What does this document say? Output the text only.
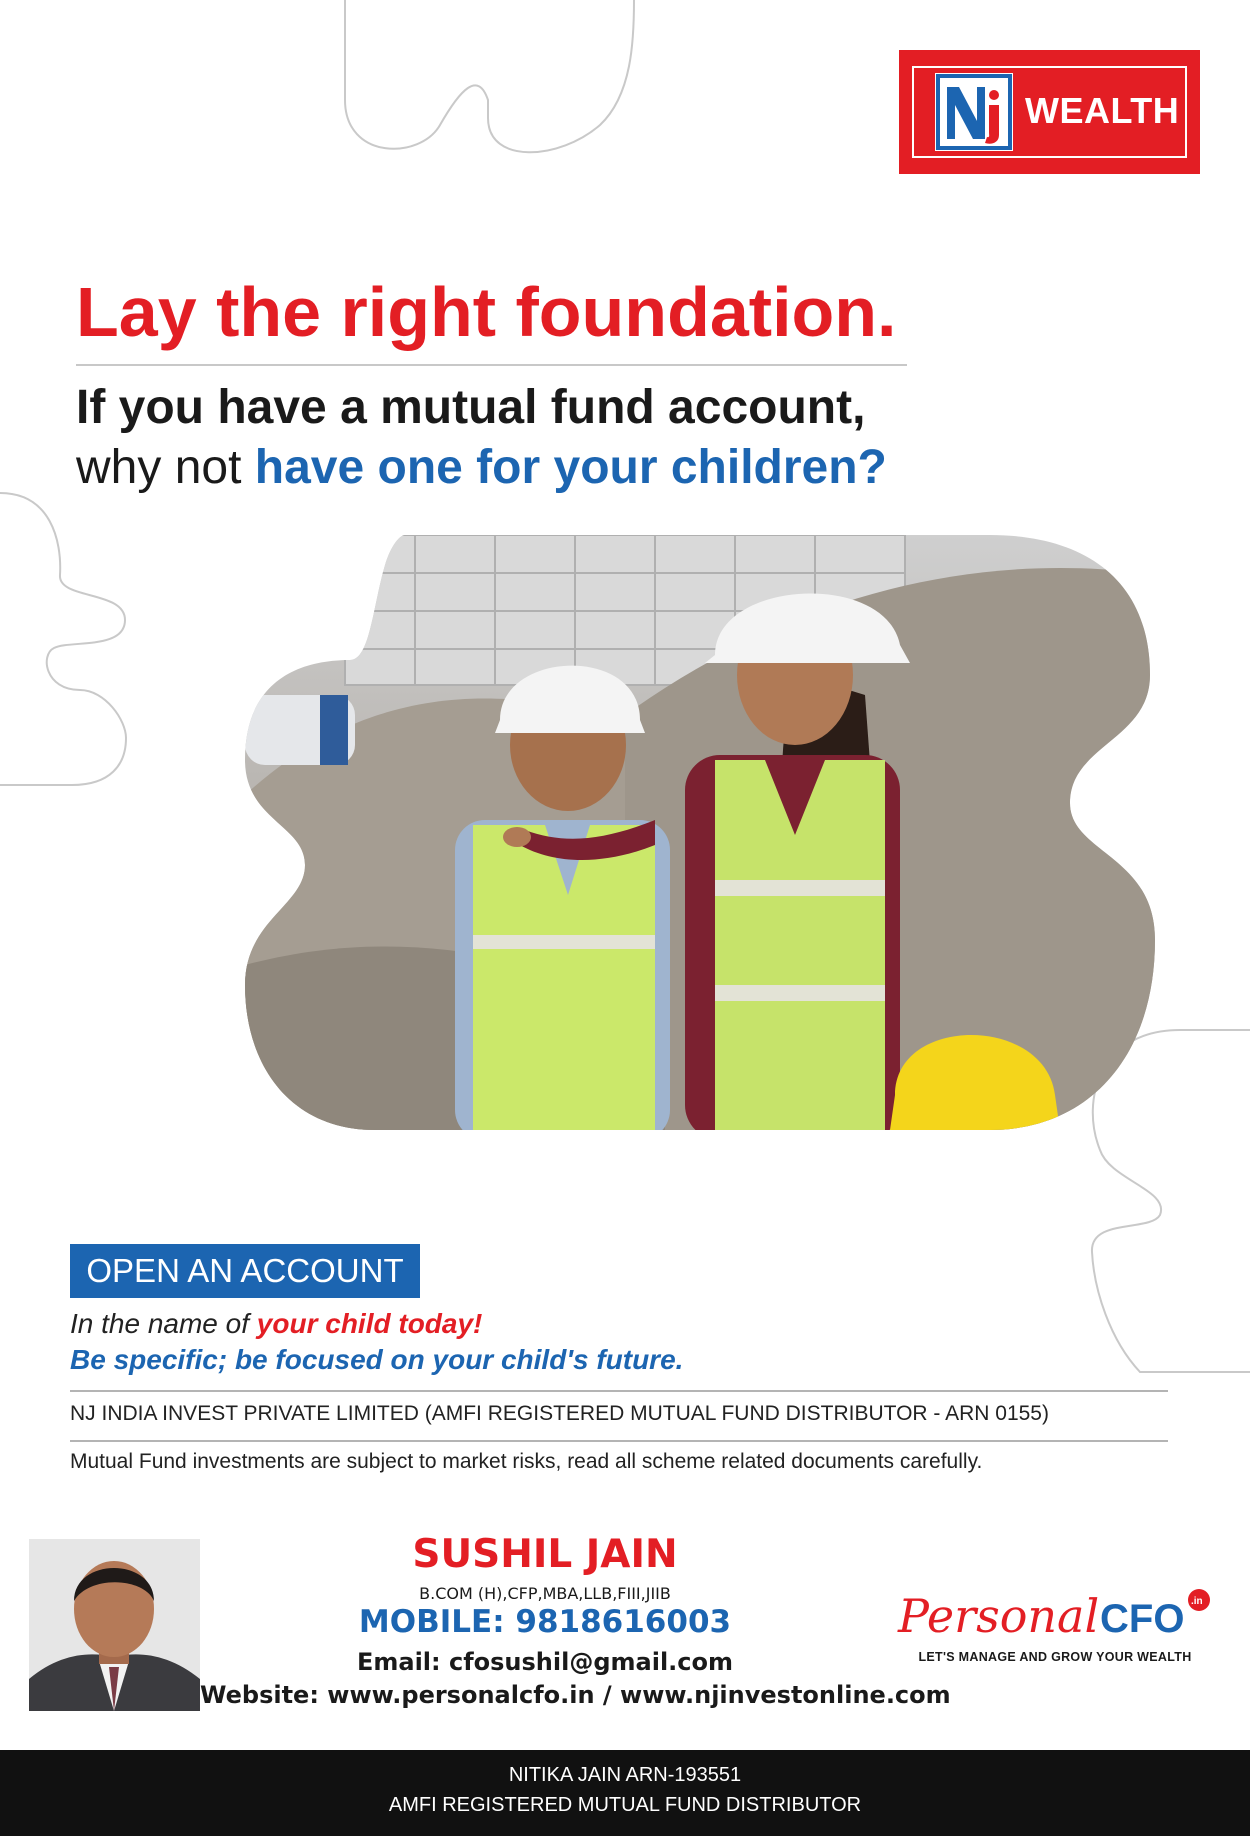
WEALTH
Lay the right foundation.
If you have a mutual fund account,
why not have one for your children?
OPEN AN ACCOUNT
In the name of your child today!
Be specific; be focused on your child's future.
NJ INDIA INVEST PRIVATE LIMITED (AMFI REGISTERED MUTUAL FUND DISTRIBUTOR - ARN 0155)
Mutual Fund investments are subject to market risks, read all scheme related documents carefully.
SUSHIL JAIN
B.COM (H),CFP,MBA,LLB,FIII,JIIB
MOBILE: 9818616003
Email: cfosushil@gmail.com
Website: www.personalcfo.in / www.njinvestonline.com
Personal CFO .in
LET'S MANAGE AND GROW YOUR WEALTH
NITIKA JAIN ARN-193551
AMFI REGISTERED MUTUAL FUND DISTRIBUTOR
